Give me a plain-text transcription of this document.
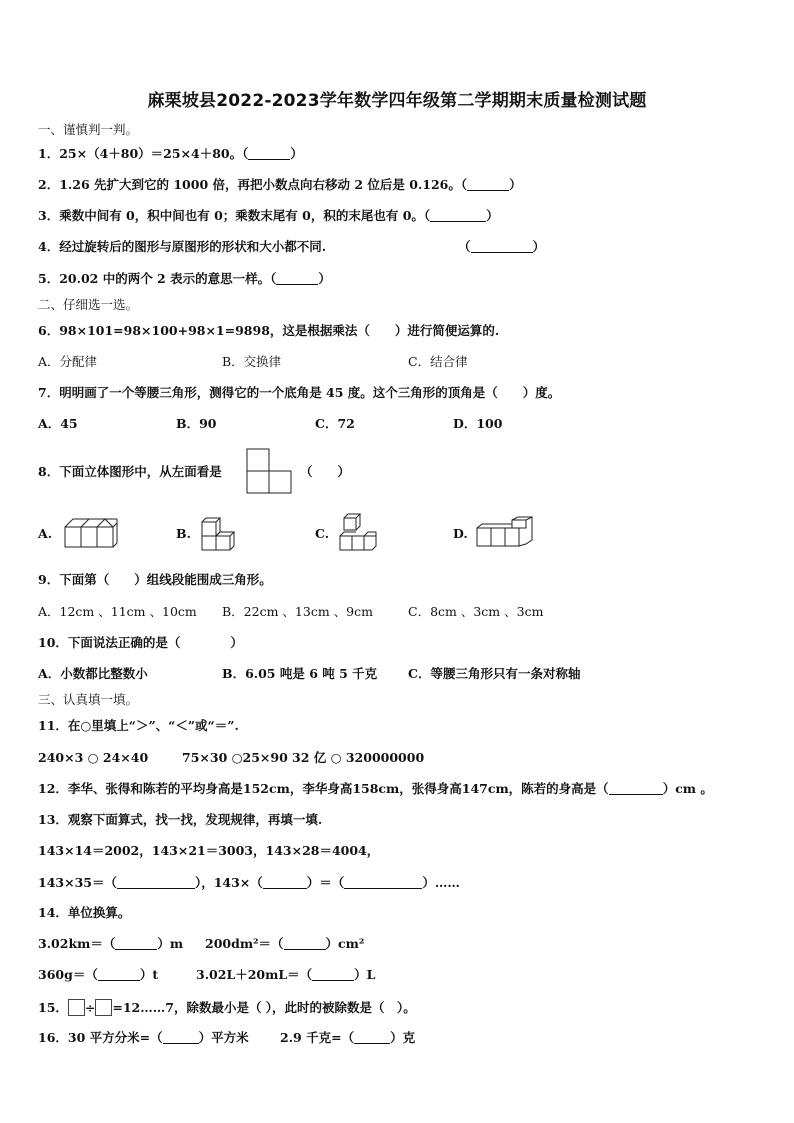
麻栗坡县2022-2023学年数学四年级第二学期期末质量检测试题
一、谨慎判一判。
1．25×（4＋80）＝25×4＋80。（	）
2．1.26 先扩大到它的 1000 倍，再把小数点向右移动 2 位后是 0.126。（	）
3．乘数中间有 0，积中间也有 0；乘数末尾有 0，积的末尾也有 0。（	）
4．经过旋转后的图形与原图形的形状和大小都不同.	（	）
5．20.02 中的两个 2 表示的意思一样。（	）
二、仔细选一选。
6．98×101=98×100+98×1=9898，这是根据乘法（　　）进行简便运算的.
A．分配律	B．交换律	C．结合律
7．明明画了一个等腰三角形，测得它的一个底角是 45 度。这个三角形的顶角是（　　）度。
A．45	B．90	C．72	D．100
8．下面立体图形中，从左面看是	（　　）
A.	B.	C.	D.
9．下面第（　　）组线段能围成三角形。
A．12cm 、11cm 、10cm B．22cm 、13cm 、9cm	C．8cm 、3cm 、3cm
10．下面说法正确的是（　　　　）
A．小数都比整数小	B．6.05 吨是 6 吨 5 千克 C．等腰三角形只有一条对称轴
三、认真填一填。
11．在○里填上“＞”、“＜”或“＝”.
240×3 ○ 24×40	75×30 ○25×90 32 亿 ○ 320000000
12．李华、张得和陈若的平均身高是152cm，李华身高158cm，张得身高147cm，陈若的身高是（	）cm 。
13．观察下面算式，找一找，发现规律，再填一填.
143×14＝2002，143×21＝3003，143×28＝4004，
143×35＝（	），143×（	）＝（	）……
14．单位换算。
3.02km＝（	）m 200dm²＝（	）cm²
360g＝（	）t	3.02L＋20mL＝（	）L
15． ÷ =12……7，除数最小是（ ），此时的被除数是（　）。
16．30 平方分米=（	）平方米	2.9 千克=（	）克
